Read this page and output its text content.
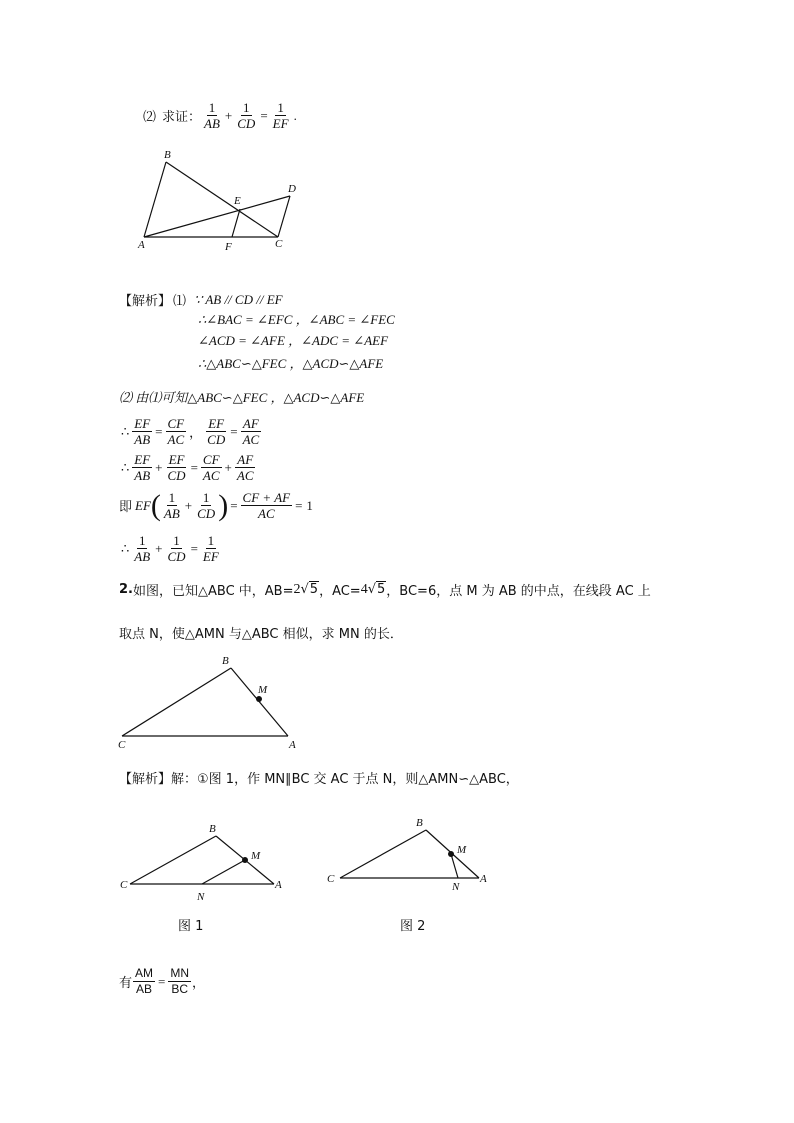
⑵ 求证： $\frac{1}{AB} + \frac{1}{CD} = \frac{1}{EF}$ .
B
D
E
A	F	C
【解析】 ⑴ ∵ AB // CD // EF
∴∠BAC = ∠EFC ，∠ABC = ∠FEC
∠ACD = ∠AFE ，∠ADC = ∠AEF
∴△ABC∽△FEC ，△ACD∽△AFE
⑵ 由⑴可知△ABC∽△FEC ，△ACD∽△AFE
∴ $\frac{EF}{AB} = \frac{CF}{AC}$ ， $\frac{EF}{CD} = \frac{AF}{AC}$
∴ $\frac{EF}{AB} + \frac{EF}{CD} = \frac{CF}{AC} + \frac{AF}{AC}$
即 EF ( $\frac{1}{AB} + \frac{1}{CD}$ ) = $\frac{CF + AF}{AC} = 1$
∴ $\frac{1}{AB} + \frac{1}{CD} = \frac{1}{EF}$
2. 如图，已知△ABC 中，AB= 2 √5 ，AC= 4 √5 ，BC=6，点 M 为 AB 的中点，在线段 AC 上
取点 N，使△AMN 与△ABC 相似，求 MN 的长．
B
M
C	A
【解析】解：①图 1，作 MN∥BC 交 AC 于点 N，则△AMN∽△ABC，
B
M
C
N
A
图 1
B
M
C
N
A
图 2
有 $\frac{AM}{AB} = \frac{MN}{BC}$ ，
